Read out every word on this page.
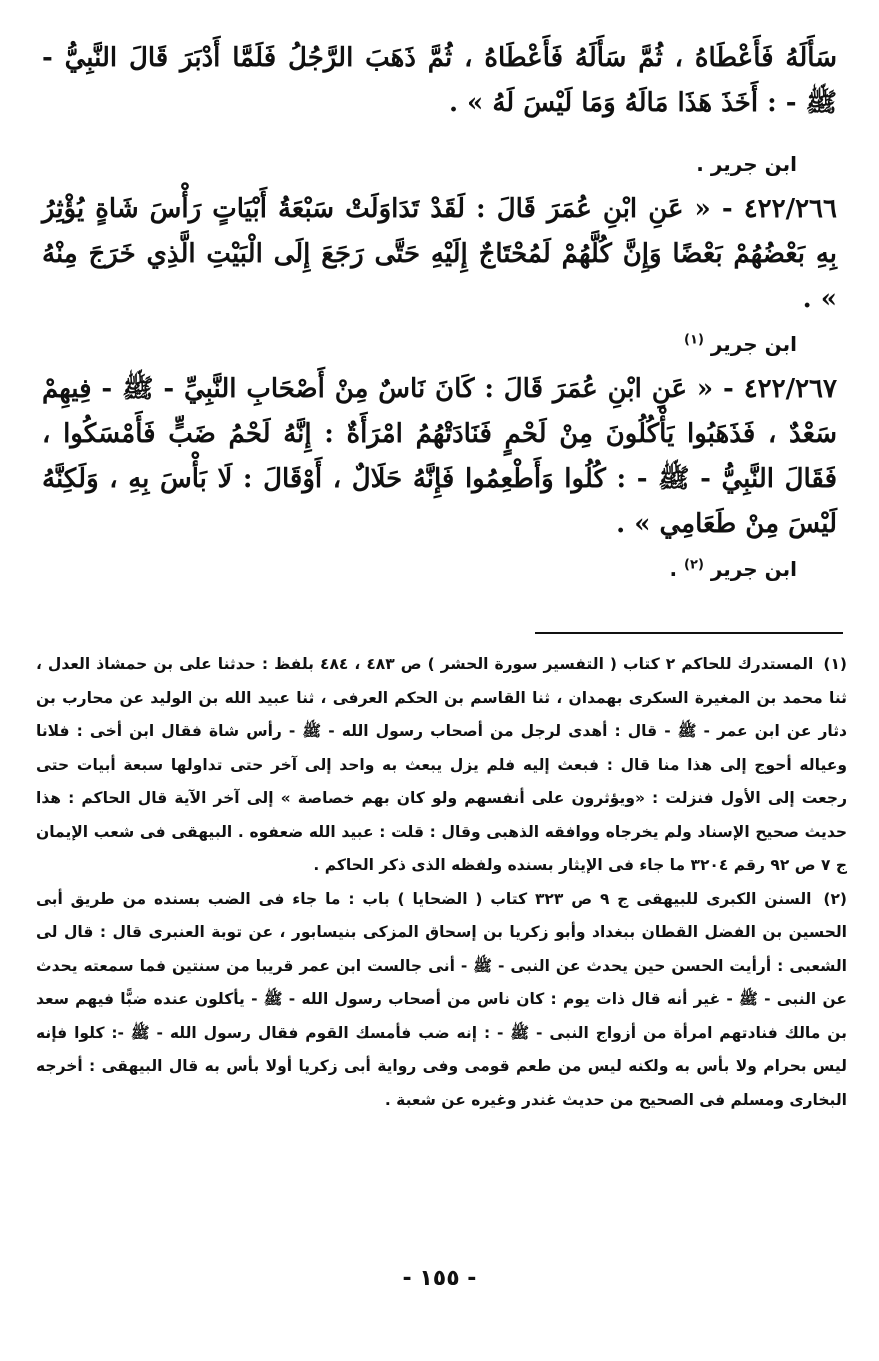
سَأَلَهُ فَأَعْطَاهُ ، ثُمَّ سَأَلَهُ فَأَعْطَاهُ ، ثُمَّ ذَهَبَ الرَّجُلُ فَلَمَّا أَدْبَرَ قَالَ النَّبِيُّ - ﷺ - : أَخَذَ هَذَا مَالَهُ وَمَا لَيْسَ لَهُ » .

ابن جرير .

٤٢٢/٢٦٦ - « عَنِ ابْنِ عُمَرَ قَالَ : لَقَدْ تَدَاوَلَتْ سَبْعَةُ أَبْيَاتٍ رَأْسَ شَاةٍ يُؤْثِرُ بِهِ بَعْضُهُمْ بَعْضًا وَإِنَّ كُلَّهُمْ لَمُحْتَاجٌ إِلَيْهِ حَتَّى رَجَعَ إِلَى الْبَيْتِ الَّذِي خَرَجَ مِنْهُ » .

ابن جرير $^{(١)}$

٤٢٢/٢٦٧ - « عَنِ ابْنِ عُمَرَ قَالَ : كَانَ نَاسٌ مِنْ أَصْحَابِ النَّبِيِّ - ﷺ - فِيهِمْ سَعْدٌ ، فَذَهَبُوا يَأْكُلُونَ مِنْ لَحْمٍ فَنَادَتْهُمُ امْرَأَةٌ : إِنَّهُ لَحْمُ ضَبٍّ فَأَمْسَكُوا ، فَقَالَ النَّبِيُّ - ﷺ - : كُلُوا وَأَطْعِمُوا فَإِنَّهُ حَلَالٌ ، أَوْقَالَ : لَا بَأْسَ بِهِ ، وَلَكِنَّهُ لَيْسَ مِنْ طَعَامِي » .

ابن جرير $^{(٢)}$ .

(١) المستدرك للحاكم ٢ كتاب ( التفسير سورة الحشر ) ص ٤٨٣ ، ٤٨٤ بلفظ : حدثنا على بن حمشاذ العدل ، ثنا محمد بن المغيرة السكرى بهمدان ، ثنا القاسم بن الحكم العرفى ، ثنا عبيد الله بن الوليد عن محارب بن دثار عن ابن عمر - ﷺ - قال : أهدى لرجل من أصحاب رسول الله - ﷺ - رأس شاة فقال ابن أخى : فلانا وعياله أحوج إلى هذا منا قال : فبعث إليه فلم يزل يبعث به واحد إلى آخر حتى تداولها سبعة أبيات حتى رجعت إلى الأول فنزلت : «ويؤثرون على أنفسهم ولو كان بهم خصاصة » إلى آخر الآية قال الحاكم : هذا حديث صحيح الإسناد ولم يخرجاه ووافقه الذهبى وقال : قلت : عبيد الله ضعفوه . البيهقى فى شعب الإيمان ج ٧ ص ٩٢ رقم ٣٢٠٤ ما جاء فى الإيثار بسنده ولفظه الذى ذكر الحاكم .

(٢) السنن الكبرى للبيهقى ج ٩ ص ٣٢٣ كتاب ( الضحايا ) باب : ما جاء فى الضب بسنده من طريق أبى الحسين بن الفضل القطان ببغداد وأبو زكريا بن إسحاق المزكى بنيسابور ، عن توبة العنبرى قال : قال لى الشعبى : أرأيت الحسن حين يحدث عن النبى - ﷺ - أنى جالست ابن عمر قريبا من سنتين فما سمعته يحدث عن النبى - ﷺ - غير أنه قال ذات يوم : كان ناس من أصحاب رسول الله - ﷺ - يأكلون عنده ضبًّا فيهم سعد بن مالك فنادتهم امرأة من أزواج النبى - ﷺ - : إنه ضب فأمسك القوم فقال رسول الله - ﷺ -: كلوا فإنه ليس بحرام ولا بأس به ولكنه ليس من طعم قومى وفى رواية أبى زكريا أولا بأس به قال البيهقى : أخرجه البخارى ومسلم فى الصحيح من حديث غندر وغيره عن شعبة .

- ١٥٥ -
